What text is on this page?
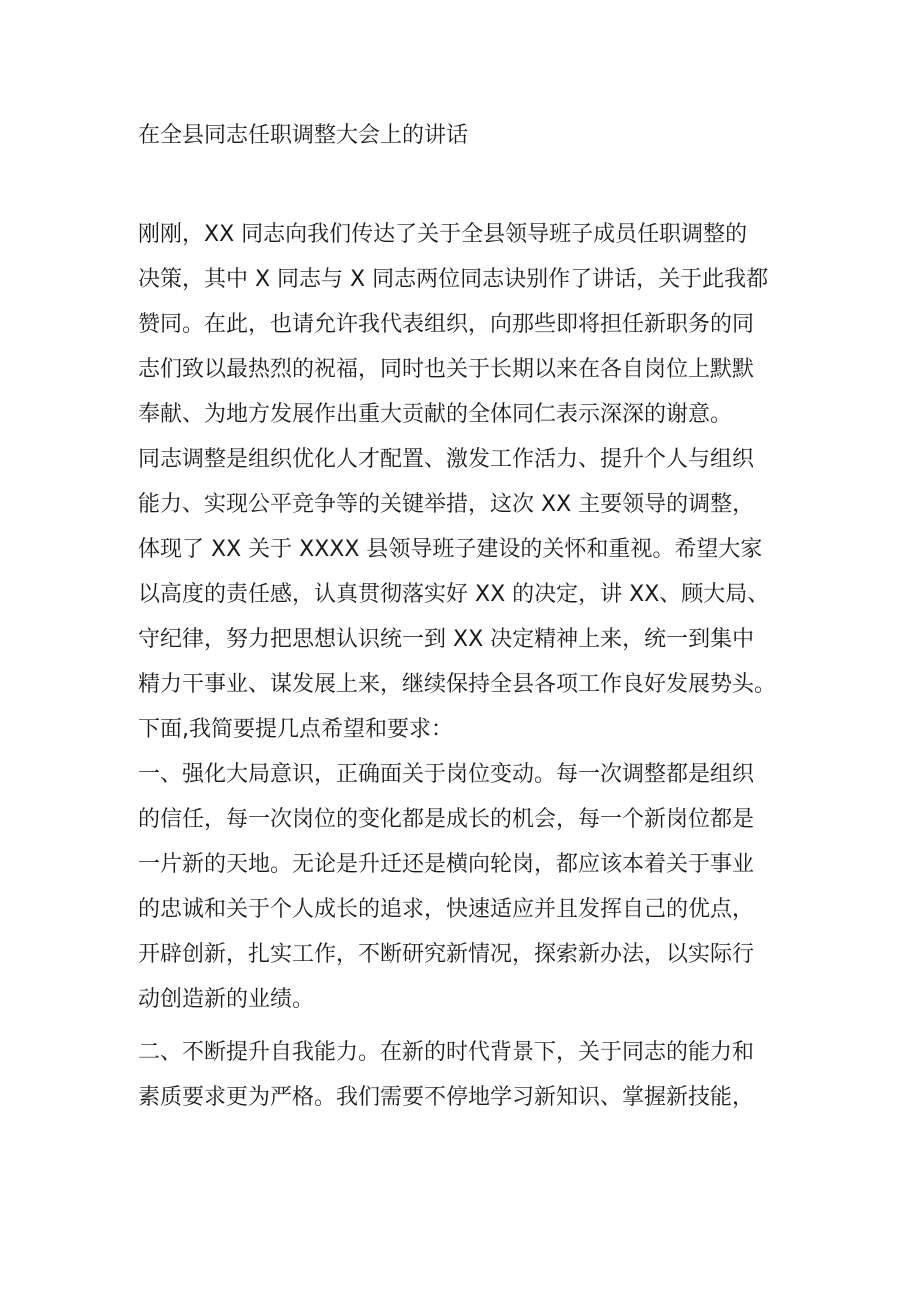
在全县同志任职调整大会上的讲话

刚刚，XX 同志向我们传达了关于全县领导班子成员任职调整的
决策，其中 X 同志与 X 同志两位同志诀别作了讲话，关于此我都
赞同。在此，也请允许我代表组织，向那些即将担任新职务的同
志们致以最热烈的祝福，同时也关于长期以来在各自岗位上默默
奉献、为地方发展作出重大贡献的全体同仁表示深深的谢意。

同志调整是组织优化人才配置、激发工作活力、提升个人与组织
能力、实现公平竞争等的关键举措，这次 XX 主要领导的调整，
体现了 XX 关于 XXXX 县领导班子建设的关怀和重视。希望大家
以高度的责任感，认真贯彻落实好 XX 的决定，讲 XX、顾大局、
守纪律，努力把思想认识统一到 XX 决定精神上来，统一到集中
精力干事业、谋发展上来，继续保持全县各项工作良好发展势头。

下面,我简要提几点希望和要求：

一、强化大局意识，正确面关于岗位变动。每一次调整都是组织
的信任，每一次岗位的变化都是成长的机会，每一个新岗位都是
一片新的天地。无论是升迁还是横向轮岗，都应该本着关于事业
的忠诚和关于个人成长的追求，快速适应并且发挥自己的优点，
开辟创新，扎实工作，不断研究新情况，探索新办法，以实际行
动创造新的业绩。

二、不断提升自我能力。在新的时代背景下，关于同志的能力和
素质要求更为严格。我们需要不停地学习新知识、掌握新技能，
